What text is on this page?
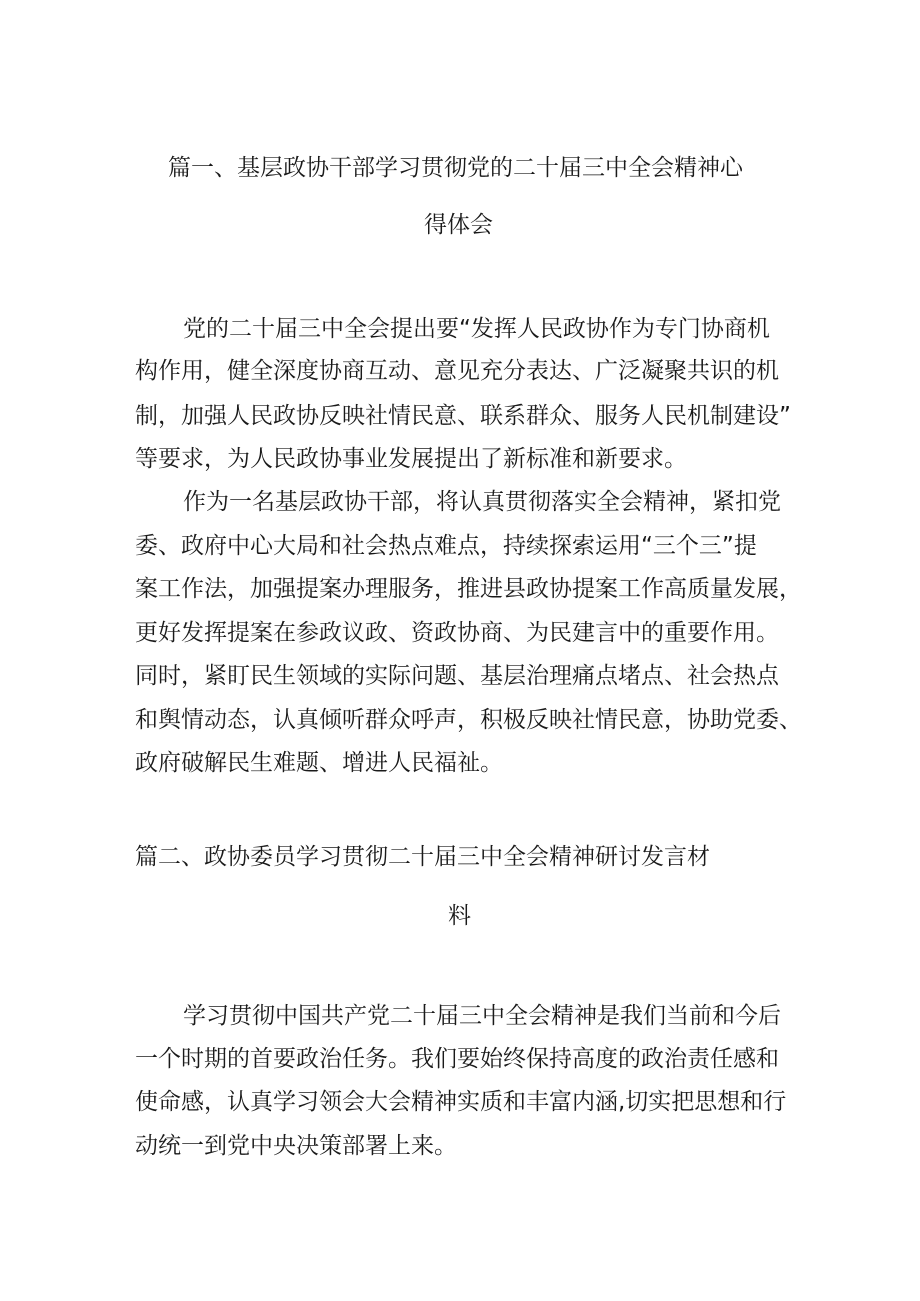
篇一、基层政协干部学习贯彻党的二十届三中全会精神心
得体会
党的二十届三中全会提出要“发挥人民政协作为专门协商机
构作用，健全深度协商互动、意见充分表达、广泛凝聚共识的机
制，加强人民政协反映社情民意、联系群众、服务人民机制建设”
等要求，为人民政协事业发展提出了新标准和新要求。
作为一名基层政协干部，将认真贯彻落实全会精神，紧扣党
委、政府中心大局和社会热点难点，持续探索运用“三个三”提
案工作法，加强提案办理服务，推进县政协提案工作高质量发展，
更好发挥提案在参政议政、资政协商、为民建言中的重要作用。
同时，紧盯民生领域的实际问题、基层治理痛点堵点、社会热点
和舆情动态，认真倾听群众呼声，积极反映社情民意，协助党委、
政府破解民生难题、增进人民福祉。
篇二、政协委员学习贯彻二十届三中全会精神研讨发言材
料
学习贯彻中国共产党二十届三中全会精神是我们当前和今后
一个时期的首要政治任务。我们要始终保持高度的政治责任感和
使命感，认真学习领会大会精神实质和丰富内涵,切实把思想和行
动统一到党中央决策部署上来。
